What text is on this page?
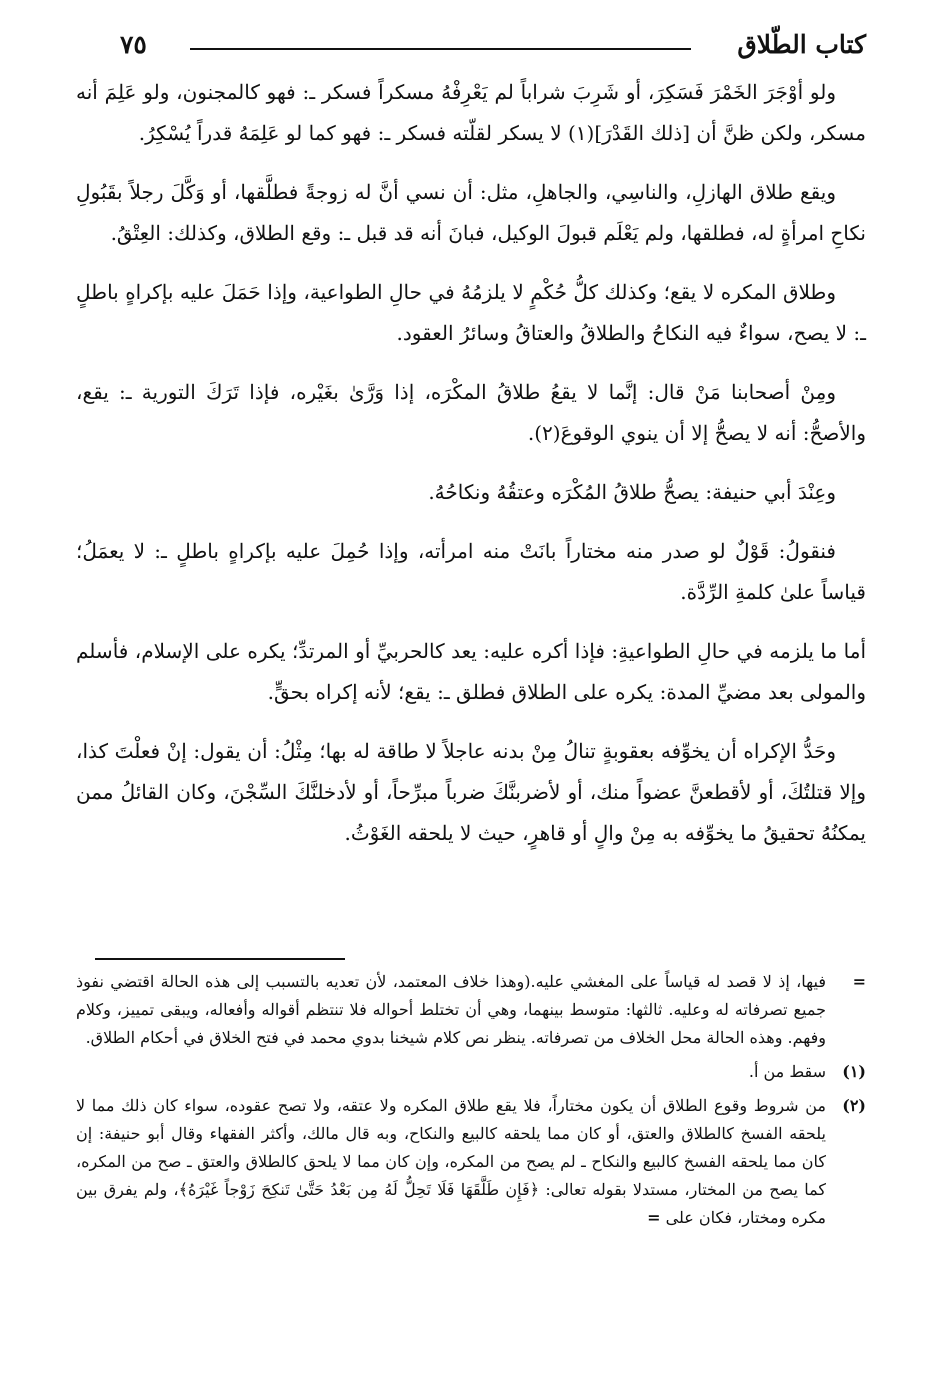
كتاب الطّلاق
٧٥

ولو أوْجَرَ الخَمْرَ فَسَكِرَ، أو شَرِبَ شراباً لم يَعْرِفْهُ مسكراً فسكر ـ: فهو كالمجنون، ولو عَلِمَ أنه مسكر، ولكن ظنَّ أن [ذلك القَدْرَ](١) لا يسكر لقلّته فسكر ـ: فهو كما لو عَلِمَهُ قدراً يُسْكِرُ.

ويقع طلاق الهازلِ، والناسِي، والجاهلِ، مثل: أن نسي أنَّ له زوجةً فطلَّقها، أو وَكَّلَ رجلاً بقَبُولِ نكاحِ امرأةٍ له، فطلقها، ولم يَعْلَم قبولَ الوكيل، فبانَ أنه قد قبل ـ: وقع الطلاق، وكذلك: العِتْقُ.

وطلاق المكره لا يقع؛ وكذلك كلُّ حُكْمٍ لا يلزمُهُ في حالِ الطواعية، وإذا حَمَلَ عليه بإكراهٍ باطلٍ ـ: لا يصح، سواءٌ فيه النكاحُ والطلاقُ والعتاقُ وسائرُ العقود.

ومِنْ أصحابنا مَنْ قال: إنَّما لا يقعُ طلاقُ المكْرَه، إذا وَرَّىٰ بغَيْره، فإذا تَرَكَ التورية ـ: يقع، والأصحُّ: أنه لا يصحُّ إلا أن ينوي الوقوعَ(٢).

وعِنْدَ أبي حنيفة: يصحُّ طلاقُ المُكْرَه وعتقُهُ ونكاحُهُ.

فنقولُ: قَوْلٌ لو صدر منه مختاراً بانَتْ منه امرأته، وإذا حُمِلَ عليه بإكراهٍ باطلٍ ـ: لا يعمَلُ؛ قياساً علىٰ كلمةِ الرِّدَّة.

أما ما يلزمه في حالِ الطواعيةِ: فإذا أكره عليه: يعد كالحربيِّ أو المرتدِّ؛ يكره على الإسلام، فأسلم والمولى بعد مضيِّ المدة: يكره على الطلاق فطلق ـ: يقع؛ لأنه إكراه بحقٍّ.

وحَدُّ الإكراه أن يخوِّفه بعقوبةٍ تنالُ مِنْ بدنه عاجلاً لا طاقة له بها؛ مِثْلُ: أن يقول: إنْ فعلْتَ كذا، وإلا قتلتُكَ، أو لأقطعنَّ عضواً منك، أو لأضربنَّكَ ضرباً مبرِّحاً، أو لأدخلنَّكَ السِّجْنَ، وكان القائلُ ممن يمكنُهُ تحقيقُ ما يخوِّفه به مِنْ والٍ أو قاهرٍ، حيث لا يلحقه الغَوْثُ.

=
فيها، إذ لا قصد له قياساً على المغشي عليه.(وهذا خلاف المعتمد، لأن تعديه بالتسبب إلى هذه الحالة اقتضي نفوذ جميع تصرفاته له وعليه. ثالثها: متوسط بينهما، وهي أن تختلط أحواله فلا تنتظم أقواله وأفعاله، ويبقى تمييز، وكلام وفهم. وهذه الحالة محل الخلاف من تصرفاته. ينظر نص كلام شيخنا بدوي محمد في فتح الخلاق في أحكام الطلاق.
(١)
سقط من أ.
(٢)
من شروط وقوع الطلاق أن يكون مختاراً، فلا يقع طلاق المكره ولا عتقه، ولا تصح عقوده، سواء كان ذلك مما لا يلحقه الفسخ كالطلاق والعتق، أو كان مما يلحقه كالبيع والنكاح، وبه قال مالك، وأكثر الفقهاء وقال أبو حنيفة: إن كان مما يلحقه الفسخ كالبيع والنكاح ـ لم يصح من المكره، وإن كان مما لا يلحق كالطلاق والعتق ـ صح من المكره، كما يصح من المختار، مستدلا بقوله تعالى: ﴿فَإِن طَلَّقَهَا فَلَا تَحِلُّ لَهُ مِن بَعْدُ حَتَّىٰ تَنكِحَ زَوْجاً غَيْرَهُ﴾، ولم يفرق بين مكره ومختار، فكان على =
